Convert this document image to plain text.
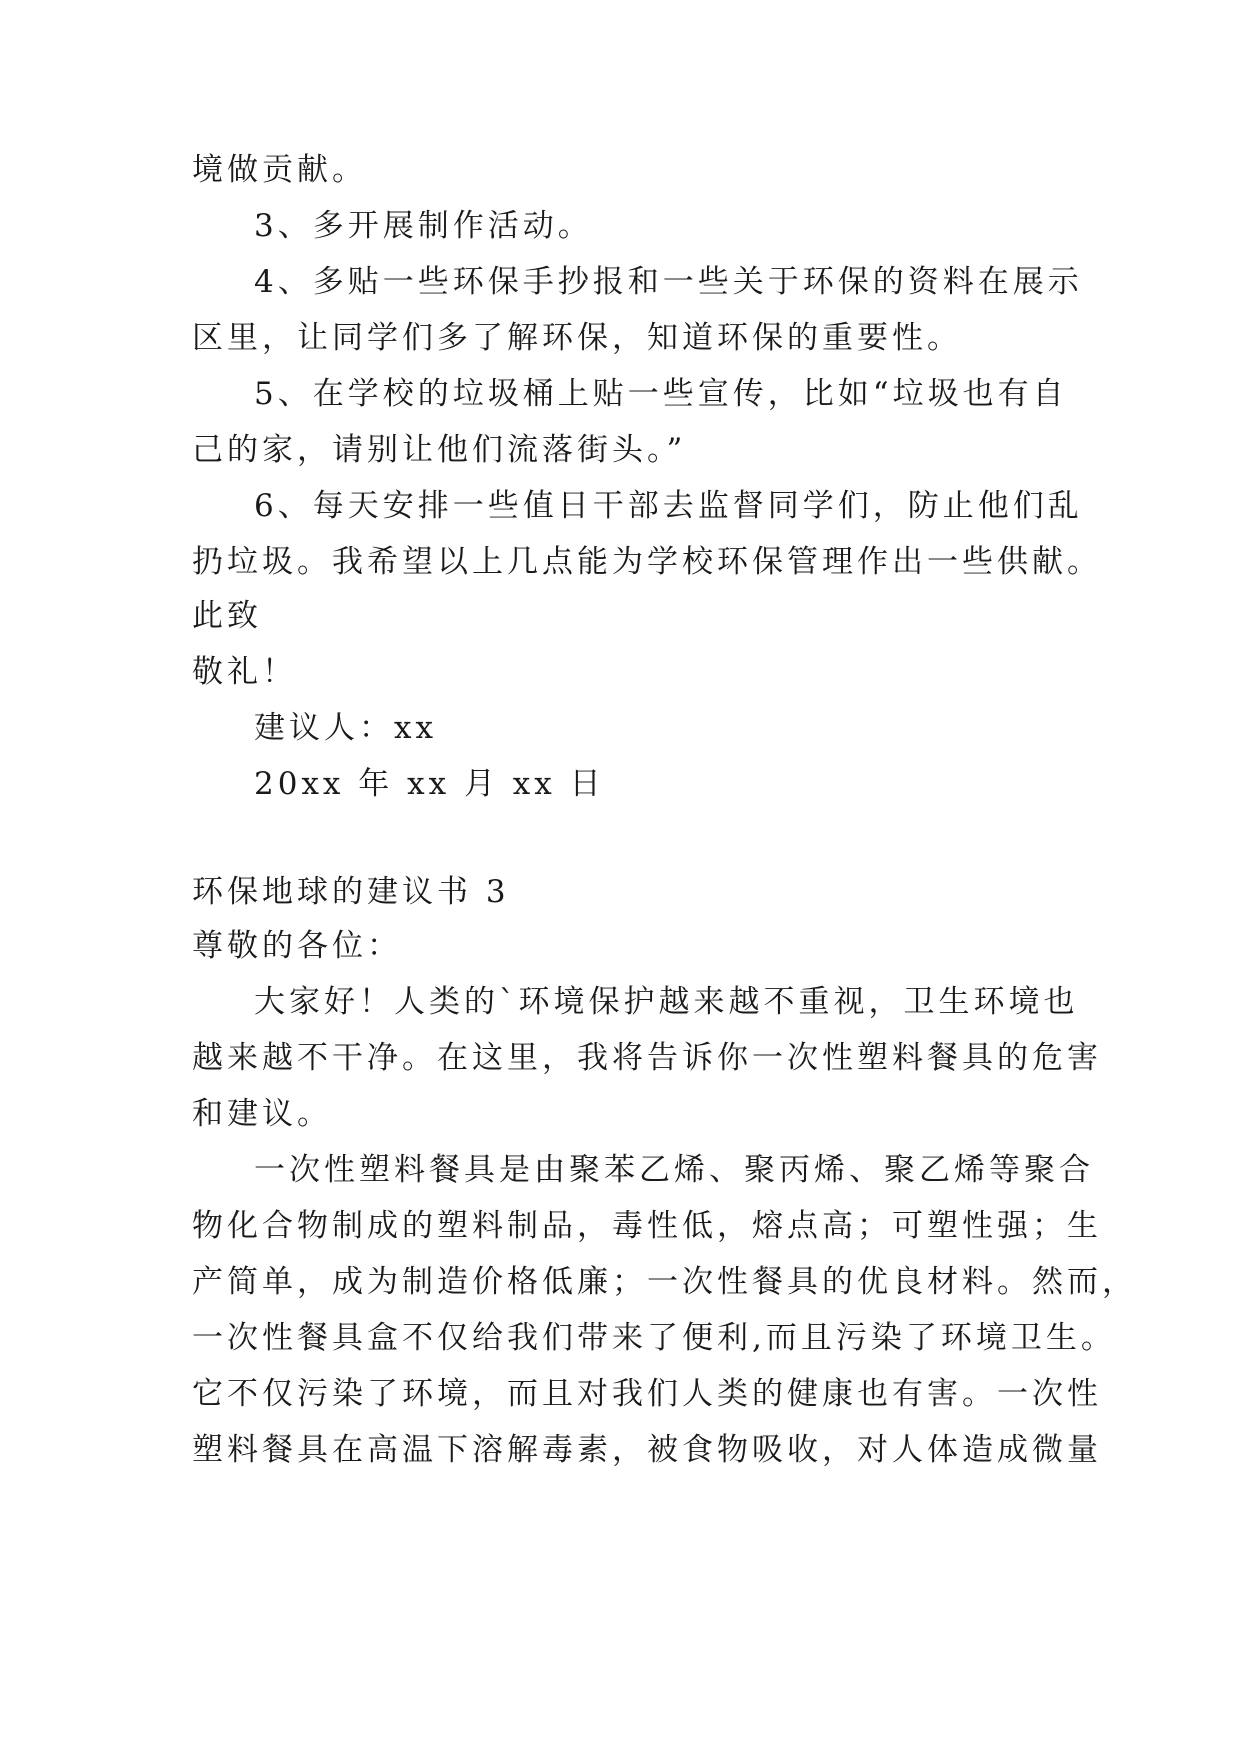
境做贡献。
3、多开展制作活动。
4、多贴一些环保手抄报和一些关于环保的资料在展示
区里，让同学们多了解环保，知道环保的重要性。
5、在学校的垃圾桶上贴一些宣传，比如“垃圾也有自
己的家，请别让他们流落街头。”
6、每天安排一些值日干部去监督同学们，防止他们乱
扔垃圾。我希望以上几点能为学校环保管理作出一些供献。
此致
敬礼！
建议人：xx
20xx 年 xx 月 xx 日
环保地球的建议书 3
尊敬的各位：
大家好！人类的`环境保护越来越不重视，卫生环境也
越来越不干净。在这里，我将告诉你一次性塑料餐具的危害
和建议。
一次性塑料餐具是由聚苯乙烯、聚丙烯、聚乙烯等聚合
物化合物制成的塑料制品，毒性低，熔点高；可塑性强；生
产简单，成为制造价格低廉；一次性餐具的优良材料。然而，
一次性餐具盒不仅给我们带来了便利,而且污染了环境卫生。
它不仅污染了环境，而且对我们人类的健康也有害。一次性
塑料餐具在高温下溶解毒素，被食物吸收，对人体造成微量
